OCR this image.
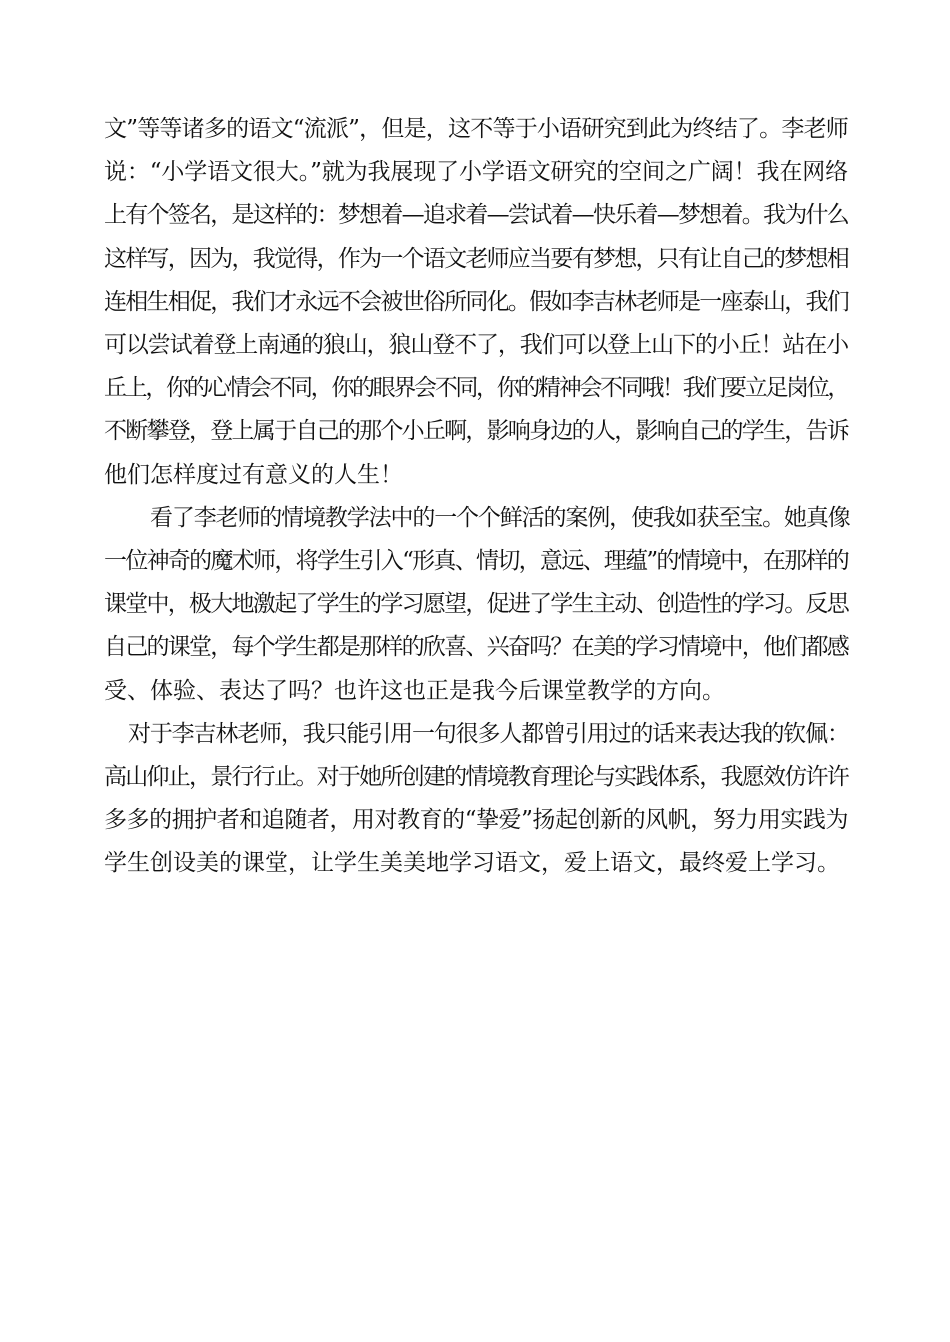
文”等等诸多的语文“流派”，但是，这不等于小语研究到此为终结了。李老师
说：“小学语文很大。”就为我展现了小学语文研究的空间之广阔！我在网络
上有个签名，是这样的：梦想着—追求着—尝试着—快乐着—梦想着。我为什么
这样写，因为，我觉得，作为一个语文老师应当要有梦想，只有让自己的梦想相
连相生相促，我们才永远不会被世俗所同化。假如李吉林老师是一座泰山，我们
可以尝试着登上南通的狼山，狼山登不了，我们可以登上山下的小丘！站在小
丘上，你的心情会不同，你的眼界会不同，你的精神会不同哦！我们要立足岗位，
不断攀登，登上属于自己的那个小丘啊，影响身边的人，影响自己的学生，告诉
他们怎样度过有意义的人生！

看了李老师的情境教学法中的一个个鲜活的案例，使我如获至宝。她真像
一位神奇的魔术师，将学生引入“形真、情切，意远、理蕴”的情境中，在那样的
课堂中，极大地激起了学生的学习愿望，促进了学生主动、创造性的学习。反思
自己的课堂，每个学生都是那样的欣喜、兴奋吗？在美的学习情境中，他们都感
受、体验、表达了吗？也许这也正是我今后课堂教学的方向。

对于李吉林老师，我只能引用一句很多人都曾引用过的话来表达我的钦佩：
高山仰止，景行行止。对于她所创建的情境教育理论与实践体系，我愿效仿许许
多多的拥护者和追随者，用对教育的“挚爱”扬起创新的风帆，努力用实践为
学生创设美的课堂，让学生美美地学习语文，爱上语文，最终爱上学习。
